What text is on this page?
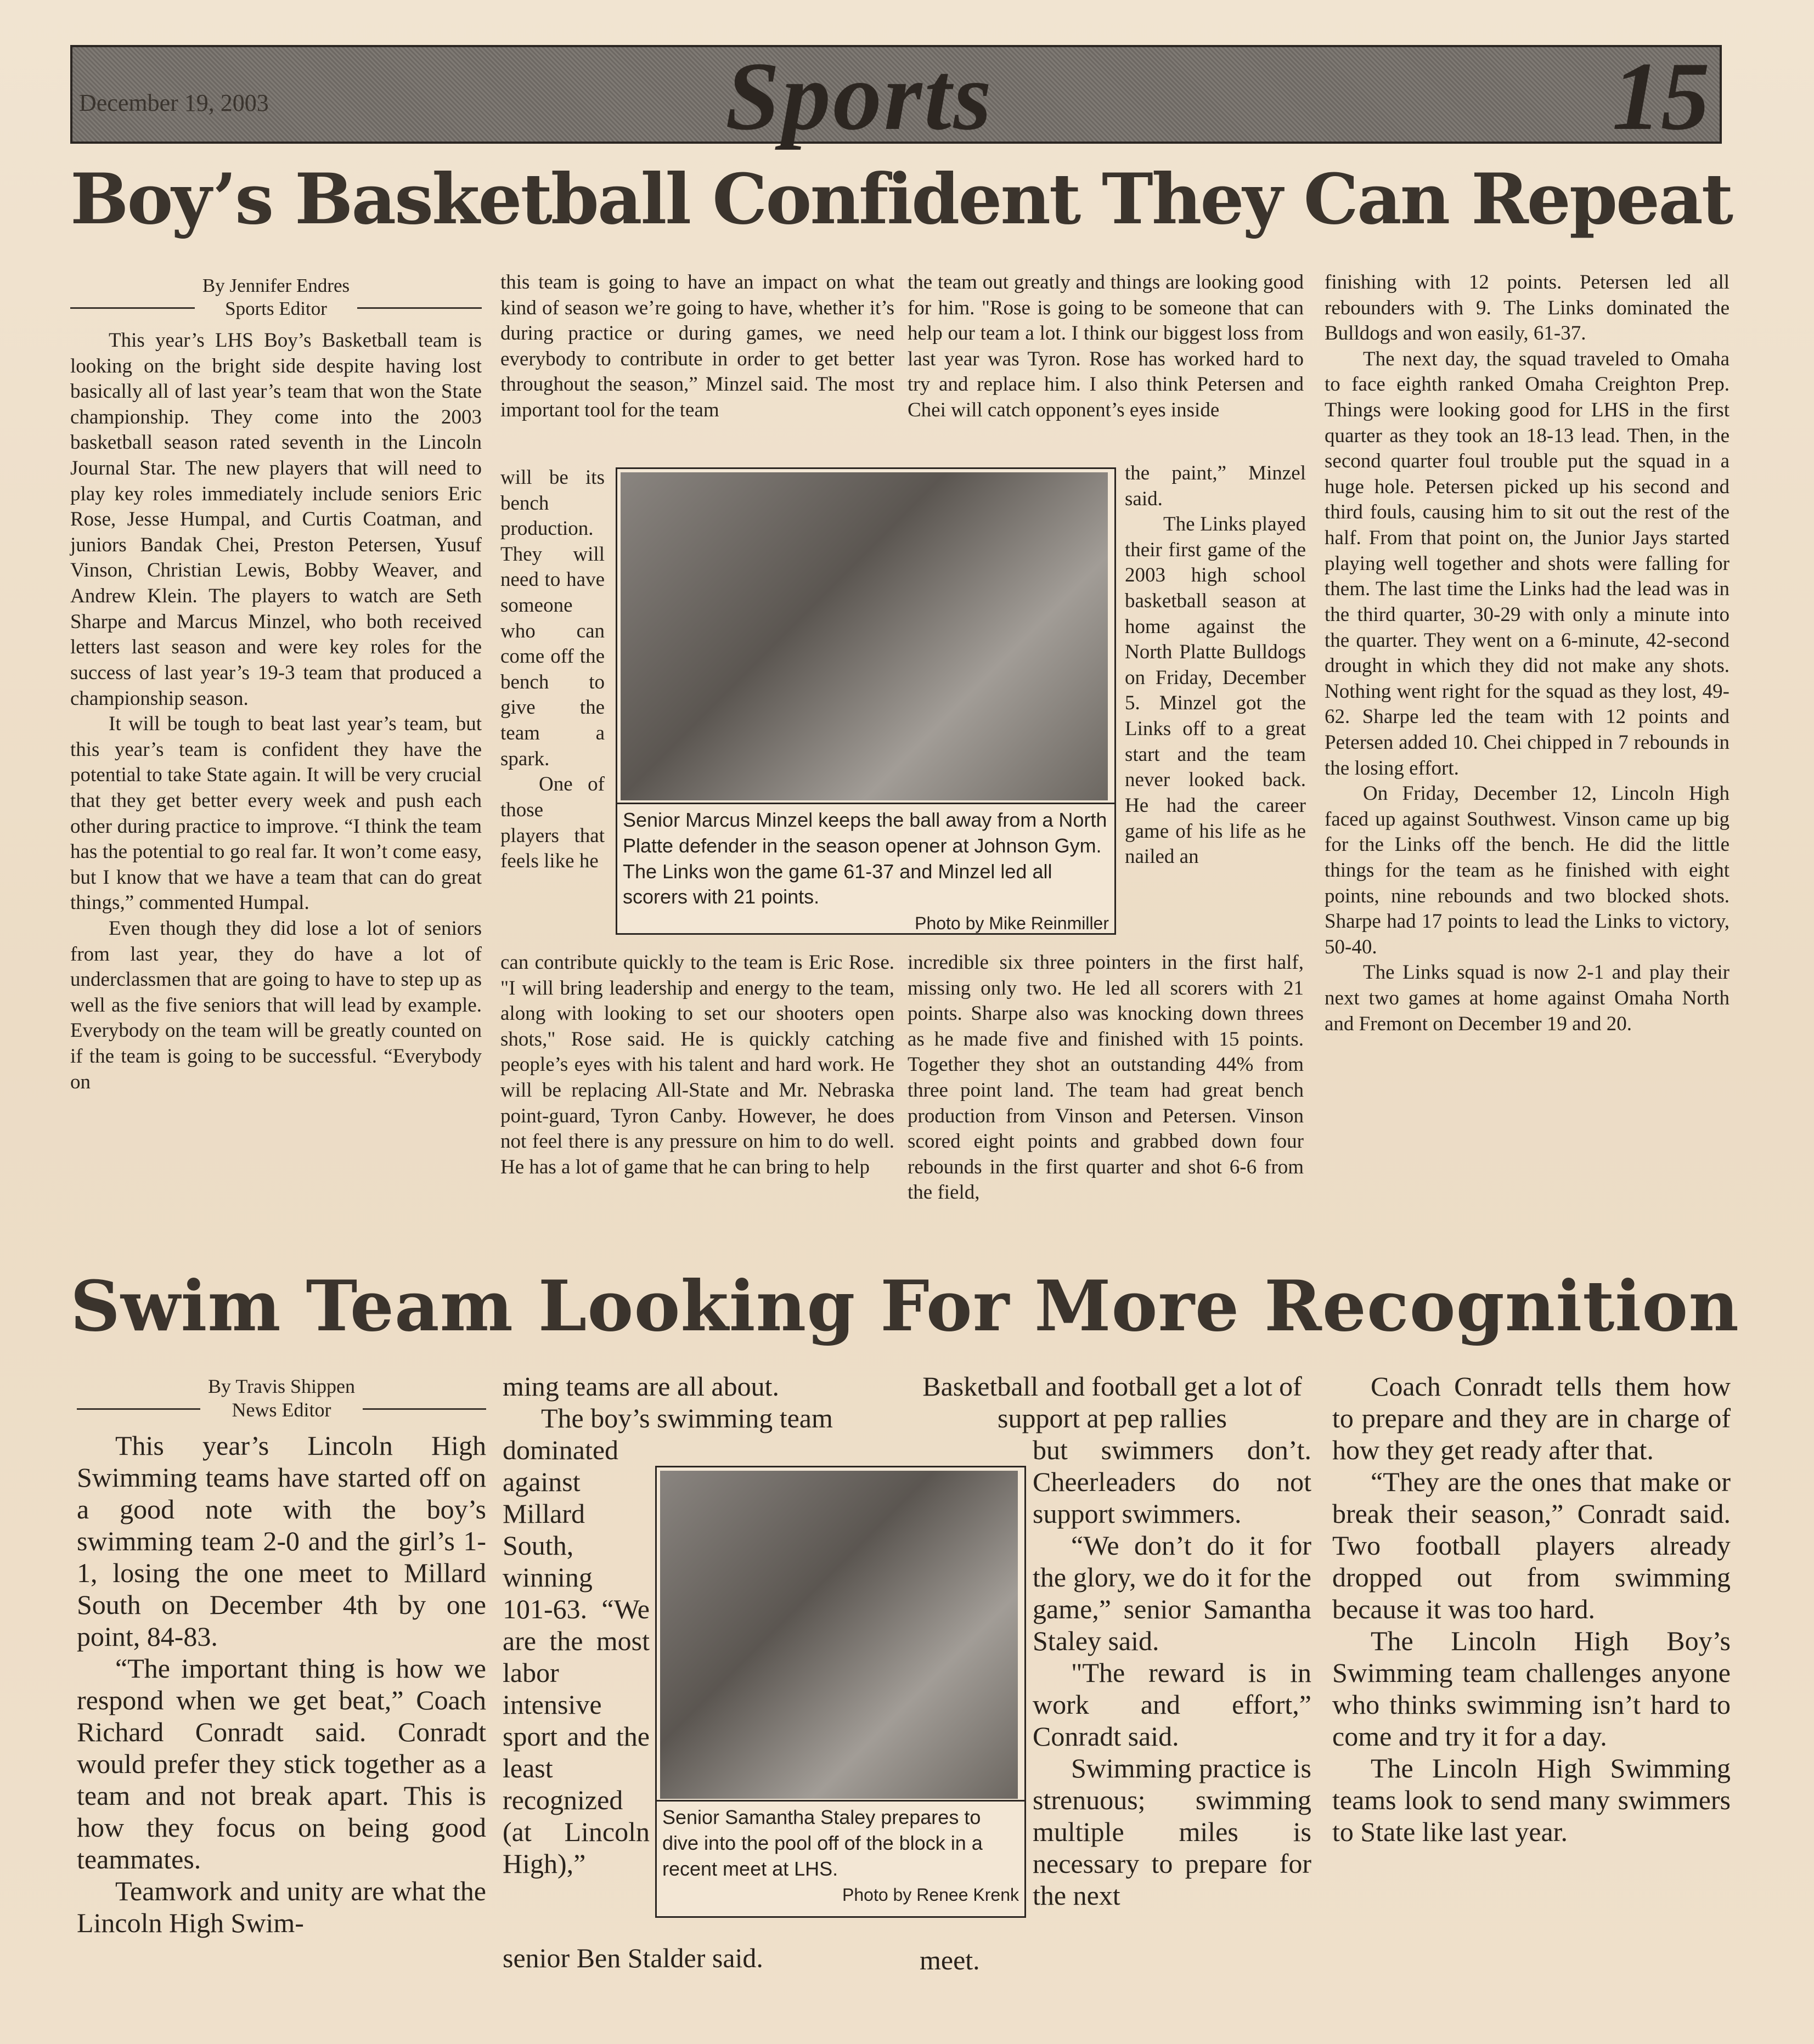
December 19, 2003	Sports	15
Boy’s Basketball Confident They Can Repeat
By Jennifer Endres
Sports Editor

This year’s LHS Boy’s Basketball team is looking on the bright side despite having lost basically all of last year’s team that won the State championship. They come into the 2003 basketball season rated seventh in the Lincoln Journal Star. The new players that will need to play key roles immediately include seniors Eric Rose, Jesse Humpal, and Curtis Coatman, and juniors Bandak Chei, Preston Petersen, Yusuf Vinson, Christian Lewis, Bobby Weaver, and Andrew Klein. The players to watch are Seth Sharpe and Marcus Minzel, who both received letters last season and were key roles for the success of last year’s 19-3 team that produced a championship season.

It will be tough to beat last year’s team, but this year’s team is confident they have the potential to take State again. It will be very crucial that they get better every week and push each other during practice to improve. “I think the team has the potential to go real far. It won’t come easy, but I know that we have a team that can do great things,” commented Humpal.

Even though they did lose a lot of seniors from last year, they do have a lot of underclassmen that are going to have to step up as well as the five seniors that will lead by example. Everybody on the team will be greatly counted on if the team is going to be successful. “Everybody on

this team is going to have an impact on what kind of season we’re going to have, whether it’s during practice or during games, we need everybody to contribute in order to get better throughout the season,” Minzel said. The most important tool for the team

will be its bench production. They will need to have someone who can come off the bench to give the team a spark.

One of those players that feels like he

can contribute quickly to the team is Eric Rose. "I will bring leadership and energy to the team, along with looking to set our shooters open shots," Rose said. He is quickly catching people’s eyes with his talent and hard work. He will be replacing All-State and Mr. Nebraska point-guard, Tyron Canby. However, he does not feel there is any pressure on him to do well. He has a lot of game that he can bring to help

Senior Marcus Minzel keeps the ball away from a North Platte defender in the season opener at Johnson Gym. The Links won the game 61-37 and Minzel led all scorers with 21 points.
Photo by Mike Reinmiller

the team out greatly and things are looking good for him. "Rose is going to be someone that can help our team a lot. I think our biggest loss from last year was Tyron. Rose has worked hard to try and replace him. I also think Petersen and Chei will catch opponent’s eyes inside

the paint,” Minzel said.

The Links played their first game of the 2003 high school basketball season at home against the North Platte Bulldogs on Friday, December 5. Minzel got the Links off to a great start and the team never looked back. He had the career game of his life as he nailed an

incredible six three pointers in the first half, missing only two. He led all scorers with 21 points. Sharpe also was knocking down threes as he made five and finished with 15 points. Together they shot an outstanding 44% from three point land. The team had great bench production from Vinson and Petersen. Vinson scored eight points and grabbed down four rebounds in the first quarter and shot 6-6 from the field,

finishing with 12 points. Petersen led all rebounders with 9. The Links dominated the Bulldogs and won easily, 61-37.

The next day, the squad traveled to Omaha to face eighth ranked Omaha Creighton Prep. Things were looking good for LHS in the first quarter as they took an 18-13 lead. Then, in the second quarter foul trouble put the squad in a huge hole. Petersen picked up his second and third fouls, causing him to sit out the rest of the half. From that point on, the Junior Jays started playing well together and shots were falling for them. The last time the Links had the lead was in the third quarter, 30-29 with only a minute into the quarter. They went on a 6-minute, 42-second drought in which they did not make any shots. Nothing went right for the squad as they lost, 49-62. Sharpe led the team with 12 points and Petersen added 10. Chei chipped in 7 rebounds in the losing effort.

On Friday, December 12, Lincoln High faced up against Southwest. Vinson came up big for the Links off the bench. He did the little things for the team as he finished with eight points, nine rebounds and two blocked shots. Sharpe had 17 points to lead the Links to victory, 50-40.

The Links squad is now 2-1 and play their next two games at home against Omaha North and Fremont on December 19 and 20.

Swim Team Looking For More Recognition
By Travis Shippen
News Editor

This year’s Lincoln High Swimming teams have started off on a good note with the boy’s swimming team 2-0 and the girl’s 1-1, losing the one meet to Millard South on December 4th by one point, 84-83.

“The important thing is how we respond when we get beat,” Coach Richard Conradt said. Conradt would prefer they stick together as a team and not break apart. This is how they focus on being good teammates.

Teamwork and unity are what the Lincoln High Swim-

ming teams are all about.

The boy’s swimming team

dominated against Millard South, winning 101-63. “We are the most labor intensive sport and the least recognized (at Lincoln High),”

senior Ben Stalder said.

Senior Samantha Staley prepares to dive into the pool off of the block in a recent meet at LHS.
Photo by Renee Krenk

Basketball and football get a lot of support at pep rallies

but swimmers don’t. Cheerleaders do not support swimmers.

“We don’t do it for the glory, we do it for the game,” senior Samantha Staley said.

"The reward is in work and effort,” Conradt said.

Swimming practice is strenuous; swimming multiple miles is necessary to prepare for the next

meet.

Coach Conradt tells them how to prepare and they are in charge of how they get ready after that.

“They are the ones that make or break their season,” Conradt said. Two football players already dropped out from swimming because it was too hard.

The Lincoln High Boy’s Swimming team challenges anyone who thinks swimming isn’t hard to come and try it for a day.

The Lincoln High Swimming teams look to send many swimmers to State like last year.
